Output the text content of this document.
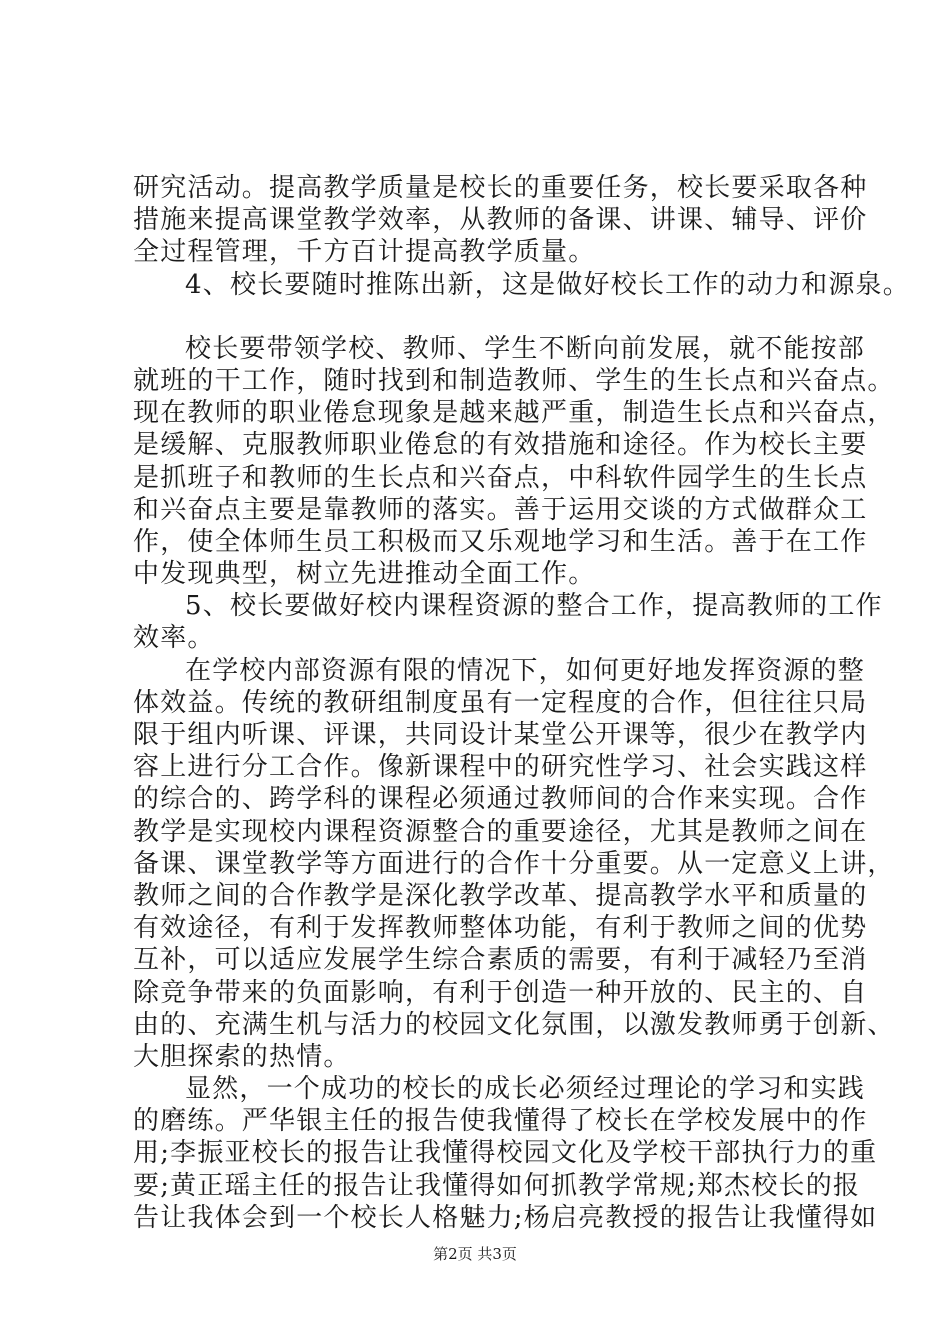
研究活动。提高教学质量是校长的重要任务，校长要采取各种
措施来提高课堂教学效率，从教师的备课、讲课、辅导、评价
全过程管理，千方百计提高教学质量。
4、校长要随时推陈出新，这是做好校长工作的动力和源泉。
校长要带领学校、教师、学生不断向前发展，就不能按部
就班的干工作，随时找到和制造教师、学生的生长点和兴奋点。
现在教师的职业倦怠现象是越来越严重，制造生长点和兴奋点，
是缓解、克服教师职业倦怠的有效措施和途径。作为校长主要
是抓班子和教师的生长点和兴奋点，中科软件园学生的生长点
和兴奋点主要是靠教师的落实。善于运用交谈的方式做群众工
作，使全体师生员工积极而又乐观地学习和生活。善于在工作
中发现典型，树立先进推动全面工作。
5、校长要做好校内课程资源的整合工作，提高教师的工作
效率。
在学校内部资源有限的情况下，如何更好地发挥资源的整
体效益。传统的教研组制度虽有一定程度的合作，但往往只局
限于组内听课、评课，共同设计某堂公开课等，很少在教学内
容上进行分工合作。像新课程中的研究性学习、社会实践这样
的综合的、跨学科的课程必须通过教师间的合作来实现。合作
教学是实现校内课程资源整合的重要途径，尤其是教师之间在
备课、课堂教学等方面进行的合作十分重要。从一定意义上讲，
教师之间的合作教学是深化教学改革、提高教学水平和质量的
有效途径，有利于发挥教师整体功能，有利于教师之间的优势
互补，可以适应发展学生综合素质的需要，有利于减轻乃至消
除竞争带来的负面影响，有利于创造一种开放的、民主的、自
由的、充满生机与活力的校园文化氛围，以激发教师勇于创新、
大胆探索的热情。
显然，一个成功的校长的成长必须经过理论的学习和实践
的磨练。严华银主任的报告使我懂得了校长在学校发展中的作
用;李振亚校长的报告让我懂得校园文化及学校干部执行力的重
要;黄正瑶主任的报告让我懂得如何抓教学常规;郑杰校长的报
告让我体会到一个校长人格魅力;杨启亮教授的报告让我懂得如
第2页 共3页
